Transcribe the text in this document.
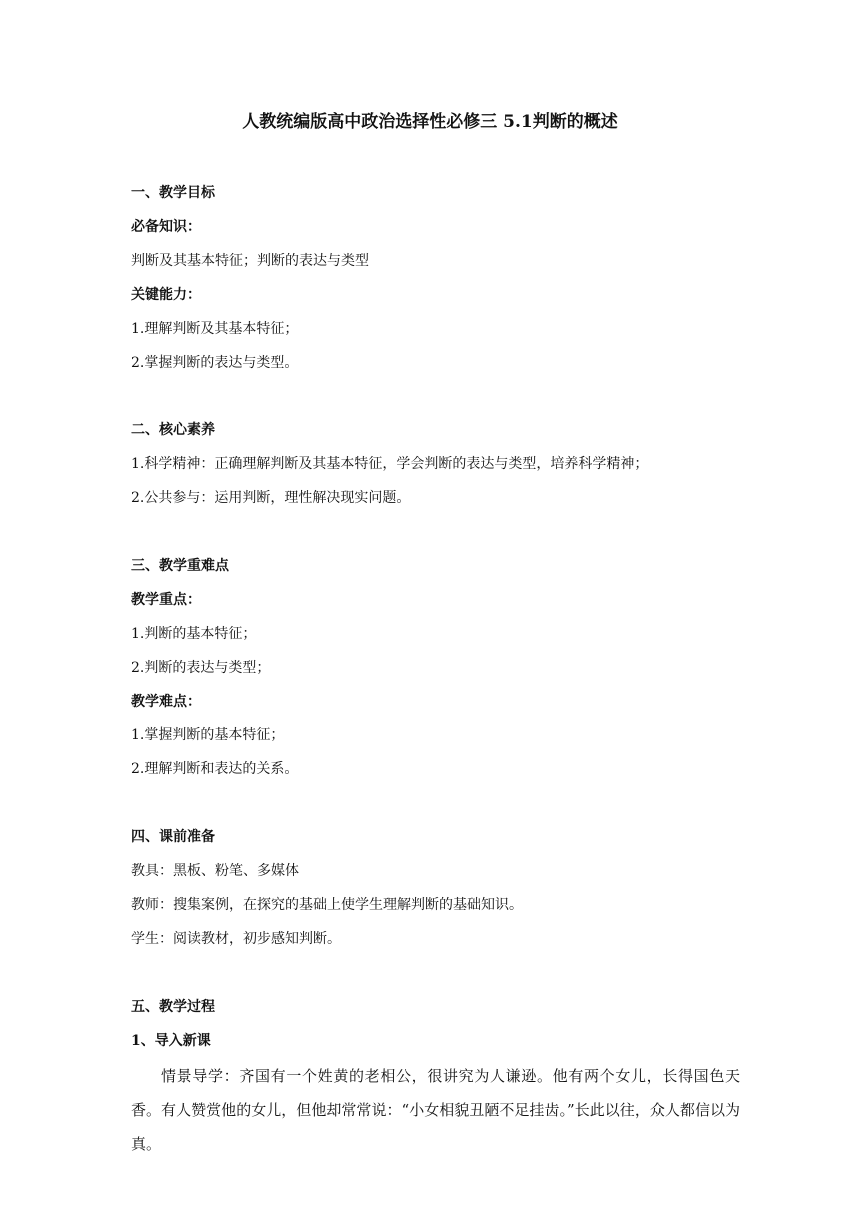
人教统编版高中政治选择性必修三 5.1判断的概述
一、教学目标
必备知识：
判断及其基本特征；判断的表达与类型
关键能力：
1.理解判断及其基本特征；
2.掌握判断的表达与类型。
二、核心素养
1.科学精神：正确理解判断及其基本特征，学会判断的表达与类型，培养科学精神；
2.公共参与：运用判断，理性解决现实问题。
三、教学重难点
教学重点：
1.判断的基本特征；
2.判断的表达与类型；
教学难点：
1.掌握判断的基本特征；
2.理解判断和表达的关系。
四、课前准备
教具：黑板、粉笔、多媒体
教师：搜集案例，在探究的基础上使学生理解判断的基础知识。
学生：阅读教材，初步感知判断。
五、教学过程
1、导入新课
情景导学：齐国有一个姓黄的老相公，很讲究为人谦逊。他有两个女儿，长得国色天香。有人赞赏他的女儿，但他却常常说：“小女相貌丑陋不足挂齿。”长此以往，众人都信以为真。
